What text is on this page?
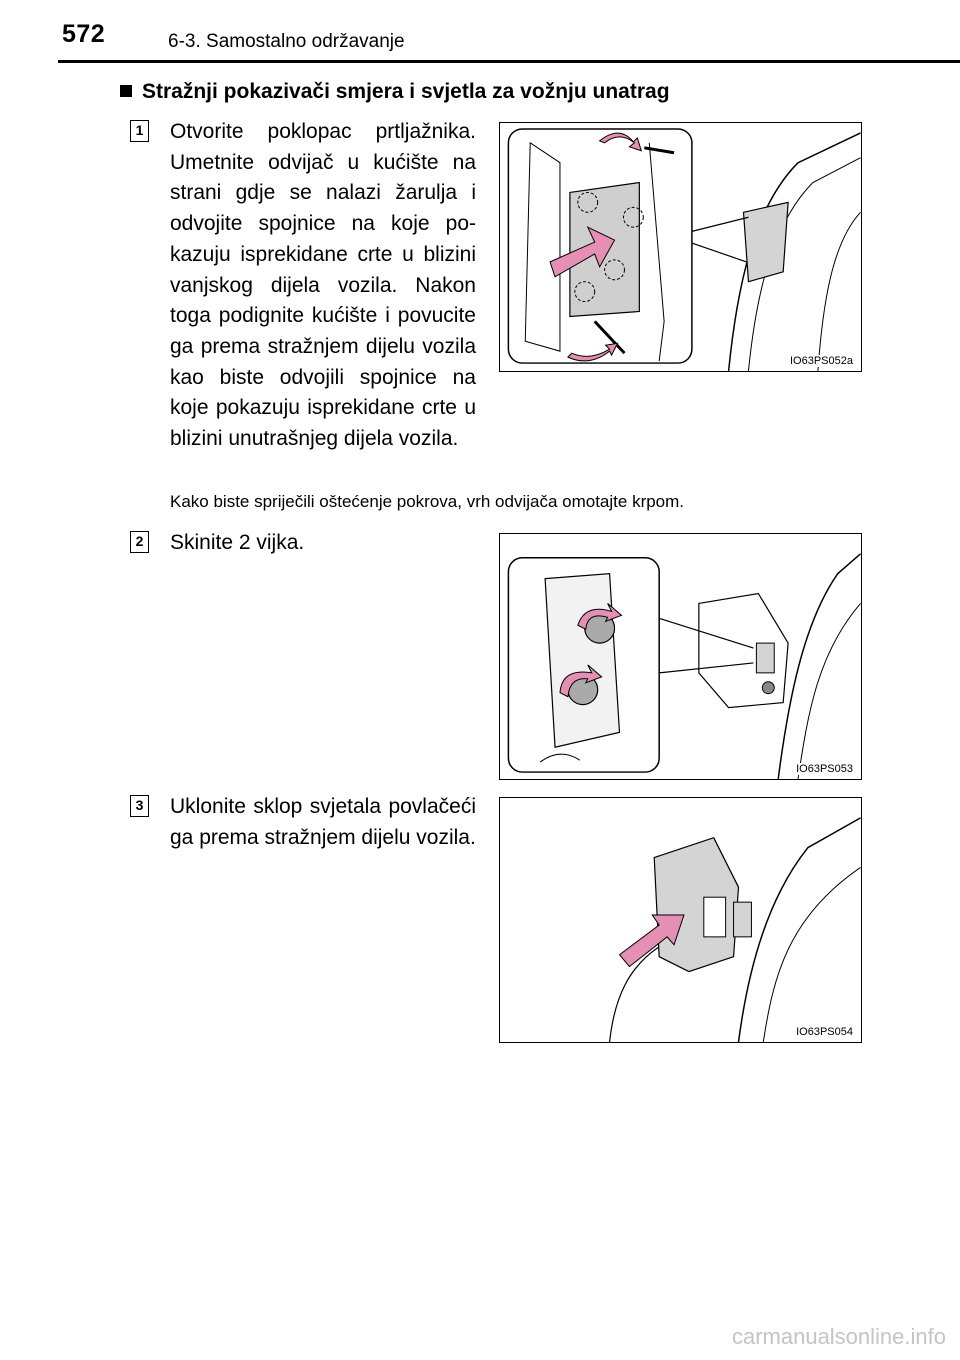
572	6-3. Samostalno održavanje
Stražnji pokazivači smjera i svjetla za vožnju unatrag
1 Otvorite poklopac prtljažnika. Umetnite odvijač u kućište na strani gdje se nalazi žarulja i odvojite spojnice na koje pokazuju isprekidane crte u blizini vanjskog dijela vozila. Nakon toga podignite kućište i povucite ga prema stražnjem dijelu vozila kao biste odvojili spojnice na koje pokazuju isprekidane crte u blizini unutrašnjeg dijela vozila.
Kako biste spriječili oštećenje pokrova, vrh odvijača omotajte krpom.
IO63PS052a
2 Skinite 2 vijka.
IO63PS053
3 Uklonite sklop svjetala povlačeći ga prema stražnjem dijelu vozila.
IO63PS054
carmanualsonline.info
